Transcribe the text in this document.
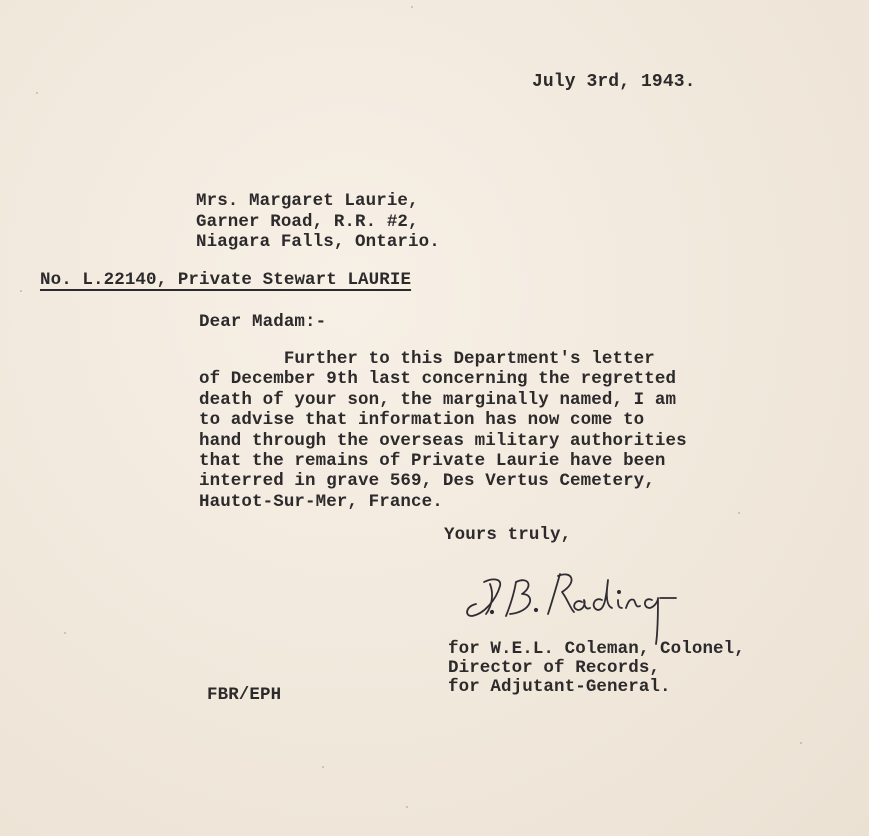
July 3rd, 1943.
Mrs. Margaret Laurie,
Garner Road, R.R. #2,
Niagara Falls, Ontario.
No. L.22140, Private Stewart LAURIE
Dear Madam:-
Further to this Department's letter
of December 9th last concerning the regretted
death of your son, the marginally named, I am
to advise that information has now come to
hand through the overseas military authorities
that the remains of Private Laurie have been
interred in grave 569, Des Vertus Cemetery,
Hautot-Sur-Mer, France.
Yours truly,
for W.E.L. Coleman, Colonel,
Director of Records,
for Adjutant-General.
FBR/EPH
